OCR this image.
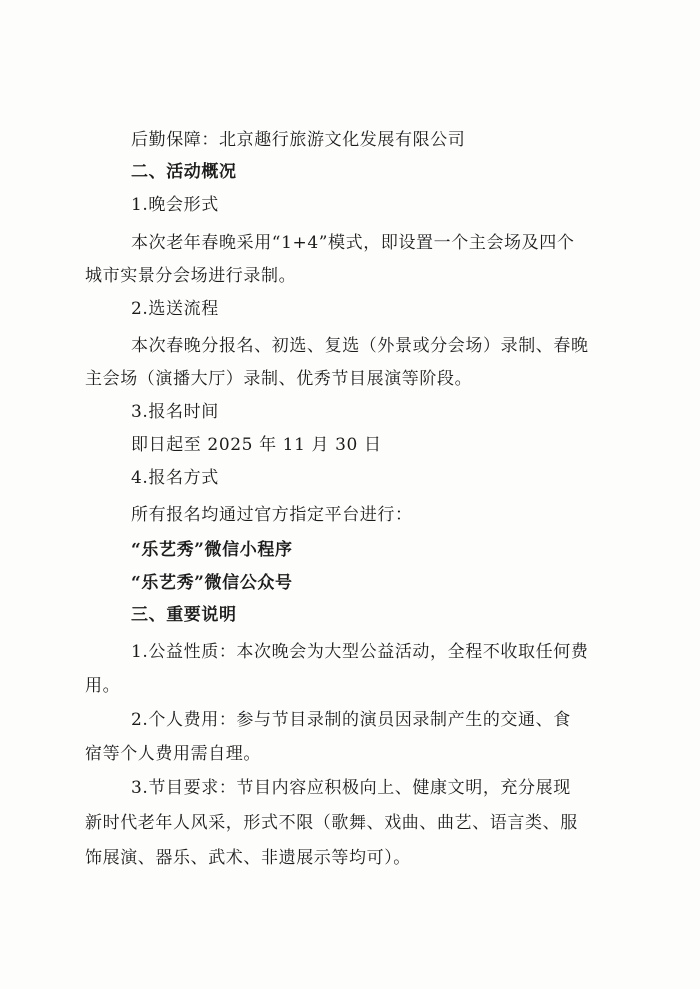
后勤保障：北京趣行旅游文化发展有限公司
二、活动概况
1.晚会形式
本次老年春晚采用“1+4”模式，即设置一个主会场及四个
城市实景分会场进行录制。
2.选送流程
本次春晚分报名、初选、复选（外景或分会场）录制、春晚
主会场（演播大厅）录制、优秀节目展演等阶段。
3.报名时间
即日起至 2025 年 11 月 30 日
4.报名方式
所有报名均通过官方指定平台进行：
“乐艺秀”微信小程序
“乐艺秀”微信公众号
三、重要说明
1.公益性质：本次晚会为大型公益活动，全程不收取任何费
用。
2.个人费用：参与节目录制的演员因录制产生的交通、食
宿等个人费用需自理。
3.节目要求：节目内容应积极向上、健康文明，充分展现
新时代老年人风采，形式不限（歌舞、戏曲、曲艺、语言类、服
饰展演、器乐、武术、非遗展示等均可）。
